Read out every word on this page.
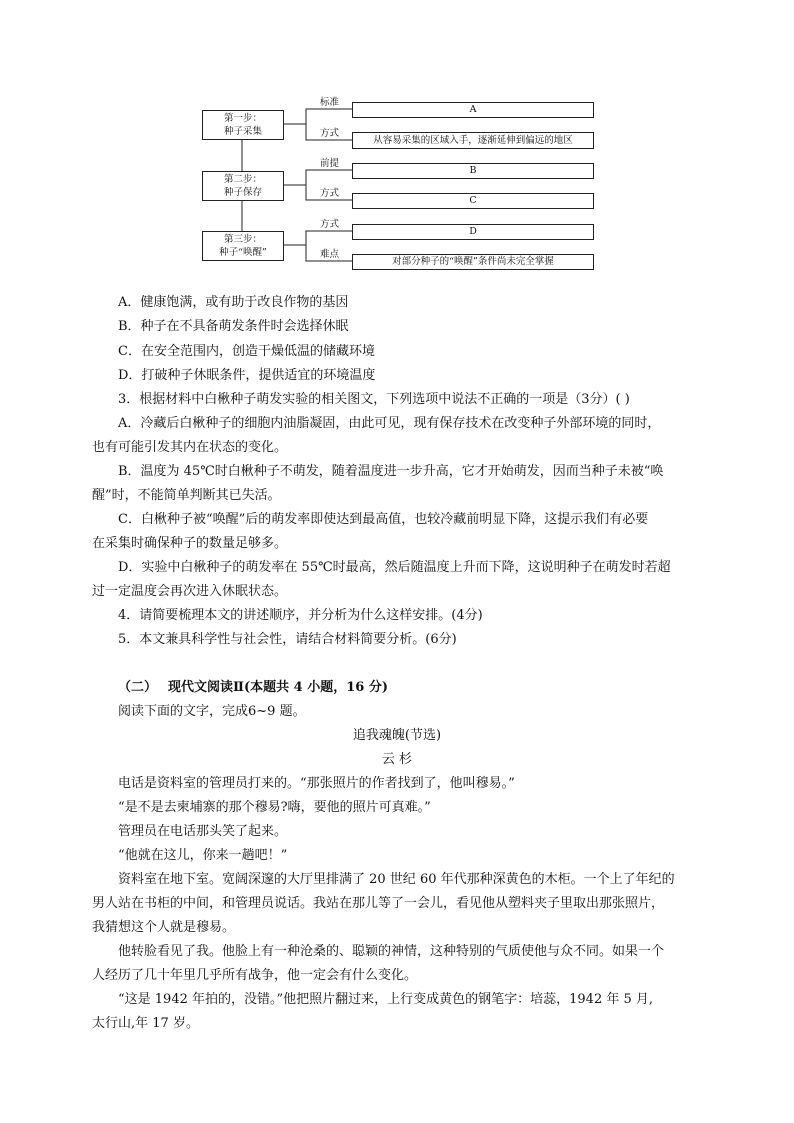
第一步：
种子采集
第二步：
种子保存
第三步：
种子“唤醒”
标准
方式
前提
方式
方式
难点
A
从容易采集的区域入手，逐渐延伸到偏远的地区
B
C
D
对部分种子的“唤醒”条件尚未完全掌握
A．健康饱满，或有助于改良作物的基因
B．种子在不具备萌发条件时会选择休眠
C．在安全范围内，创造干燥低温的储藏环境
D．打破种子休眠条件，提供适宜的环境温度
3．根据材料中白楸种子萌发实验的相关图文，下列选项中说法不正确的一项是（3分）( )
A．冷藏后白楸种子的细胞内油脂凝固，由此可见，现有保存技术在改变种子外部环境的同时，
也有可能引发其内在状态的变化。
B．温度为 45℃时白楸种子不萌发，随着温度进一步升高，它才开始萌发，因而当种子未被“唤
醒”时，不能简单判断其已失活。
C．白楸种子被“唤醒”后的萌发率即使达到最高值，也较冷藏前明显下降，这提示我们有必要
在采集时确保种子的数量足够多。
D．实验中白楸种子的萌发率在 55℃时最高，然后随温度上升而下降，这说明种子在萌发时若超
过一定温度会再次进入休眠状态。
4．请简要梳理本文的讲述顺序，并分析为什么这样安排。(4分)
5．本文兼具科学性与社会性，请结合材料简要分析。(6分)
（二）　 现代文阅读Ⅱ(本题共 4 小题，16 分)
阅读下面的文字，完成6~9 题。
追我魂魄(节选)
云 杉
电话是资料室的管理员打来的。“那张照片的作者找到了，他叫穆易。”
“是不是去柬埔寨的那个穆易?嗨，要他的照片可真难。”
管理员在电话那头笑了起来。
“他就在这儿，你来一趟吧！”
资料室在地下室。宽阔深邃的大厅里排满了 20 世纪 60 年代那种深黄色的木柜。一个上了年纪的
男人站在书柜的中间，和管理员说话。我站在那儿等了一会儿，看见他从塑料夹子里取出那张照片，
我猜想这个人就是穆易。
他转脸看见了我。他脸上有一种沧桑的、聪颖的神情，这种特别的气质使他与众不同。如果一个
人经历了几十年里几乎所有战争，他一定会有什么变化。
“这是 1942 年拍的，没错。”他把照片翻过来，上行变成黄色的钢笔字：培蕊，1942 年 5 月,
太行山,年 17 岁。
